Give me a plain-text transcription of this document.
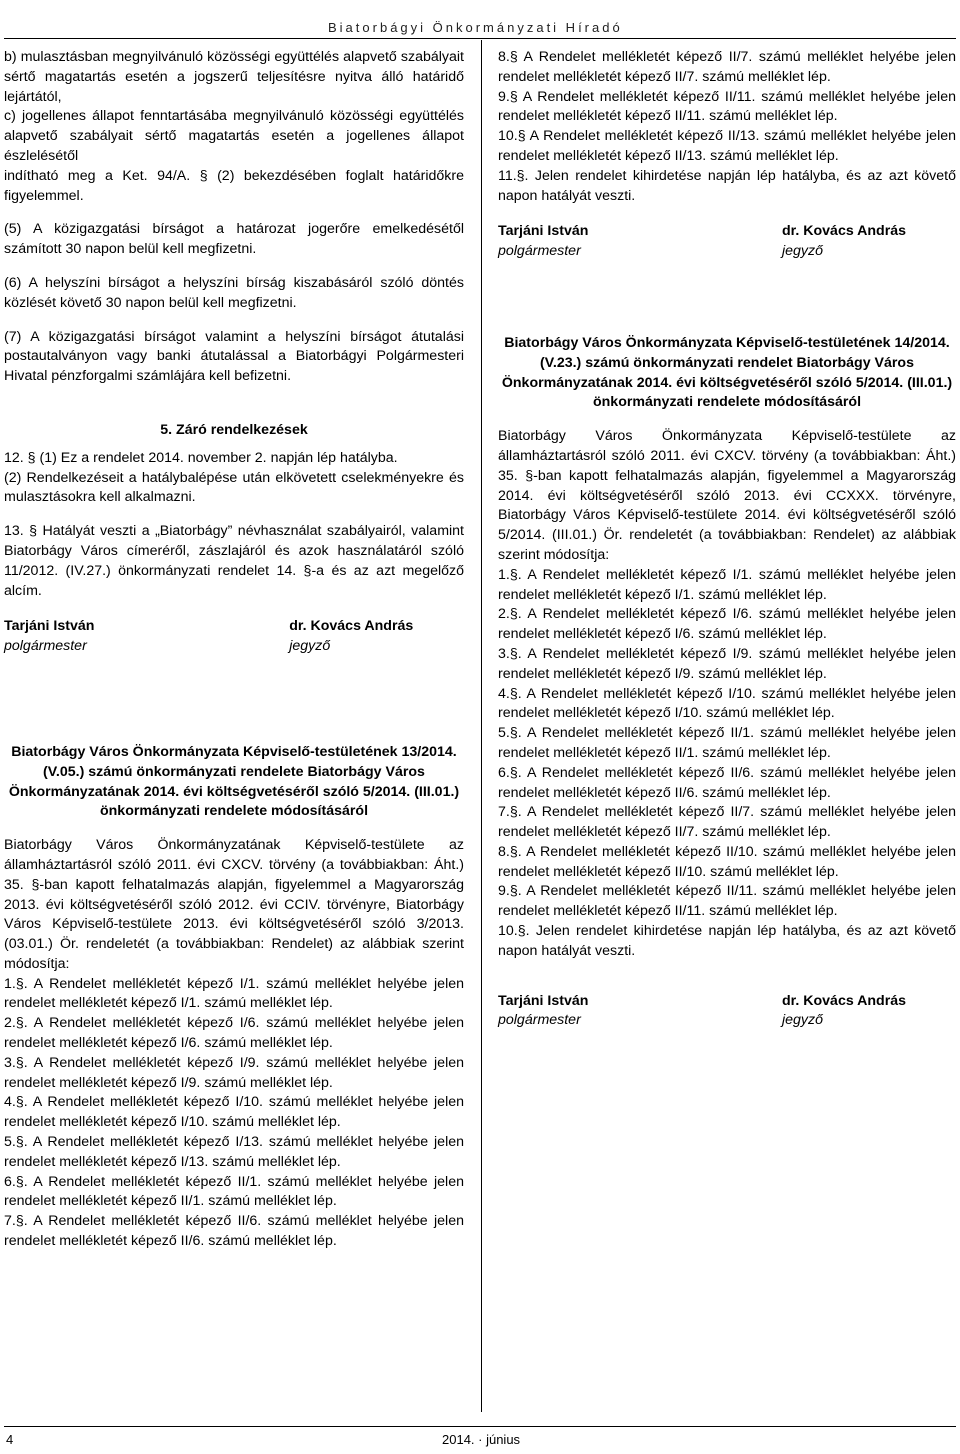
Biatorbágyi Önkormányzati Híradó

b) mulasztásban megnyilvánuló közösségi együttélés alapvető szabályait sértő magatartás esetén a jogszerű teljesítésre nyitva álló határidő lejártától,

c) jogellenes állapot fenntartásába megnyilvánuló közösségi együttélés alapvető szabályait sértő magatartás esetén a jogellenes állapot észlelésétől

indítható meg a Ket. 94/A. § (2) bekezdésében foglalt határidőkre figyelemmel.

(5) A közigazgatási bírságot a határozat jogerőre emelkedésétől számított 30 napon belül kell megfizetni.

(6) A helyszíni bírságot a helyszíni bírság kiszabásáról szóló döntés közlését követő 30 napon belül kell megfizetni.

(7) A közigazgatási bírságot valamint a helyszíni bírságot átutalási postautalványon vagy banki átutalással a Biatorbágyi Polgármesteri Hivatal pénzforgalmi számlájára kell befizetni.

5. Záró rendelkezések

12. § (1) Ez a rendelet 2014. november 2. napján lép hatályba.

(2) Rendelkezéseit a hatálybalépése után elkövetett cselekményekre és mulasztásokra kell alkalmazni.

13. § Hatályát veszti a „Biatorbágy” névhasználat szabályairól, valamint Biatorbágy Város címeréről, zászlajáról és azok használatáról szóló 11/2012. (IV.27.) önkormányzati rendelet 14. §-a és az azt megelőző alcím.

Tarjáni István
polgármester
dr. Kovács András
jegyző

Biatorbágy Város Önkormányzata Képviselő-testületének 13/2014.(V.05.) számú önkormányzati rendelete Biatorbágy Város Önkormányzatának 2014. évi költségvetéséről szóló 5/2014. (III.01.) önkormányzati rendelete módosításáról

Biatorbágy Város Önkormányzatának Képviselő-testülete az államháztartásról szóló 2011. évi CXCV. törvény (a továbbiakban: Áht.) 35. §-ban kapott felhatalmazás alapján, figyelemmel a Magyarország 2013. évi költségvetéséről szóló 2012. évi CCIV. törvényre, Biatorbágy Város Képviselő-testülete 2013. évi költségvetéséről szóló 3/2013. (03.01.) Ör. rendeletét (a továbbiakban: Rendelet) az alábbiak szerint módosítja:

1.§. A Rendelet mellékletét képező I/1. számú melléklet helyébe jelen rendelet mellékletét képező I/1. számú melléklet lép.

2.§. A Rendelet mellékletét képező I/6. számú melléklet helyébe jelen rendelet mellékletét képező I/6. számú melléklet lép.

3.§. A Rendelet mellékletét képező I/9. számú melléklet helyébe jelen rendelet mellékletét képező I/9. számú melléklet lép.

4.§. A Rendelet mellékletét képező I/10. számú melléklet helyébe jelen rendelet mellékletét képező I/10. számú melléklet lép.

5.§. A Rendelet mellékletét képező I/13. számú melléklet helyébe jelen rendelet mellékletét képező I/13. számú melléklet lép.

6.§. A Rendelet mellékletét képező II/1. számú melléklet helyébe jelen rendelet mellékletét képező II/1. számú melléklet lép.

7.§. A Rendelet mellékletét képező II/6. számú melléklet helyébe jelen rendelet mellékletét képező II/6. számú melléklet lép.

8.§ A Rendelet mellékletét képező II/7. számú melléklet helyébe jelen rendelet mellékletét képező II/7. számú melléklet lép.

9.§ A Rendelet mellékletét képező II/11. számú melléklet helyébe jelen rendelet mellékletét képező II/11. számú melléklet lép.

10.§ A Rendelet mellékletét képező II/13. számú melléklet helyébe jelen rendelet mellékletét képező II/13. számú melléklet lép.

11.§. Jelen rendelet kihirdetése napján lép hatályba, és az azt követő napon hatályát veszti.

Tarjáni István
polgármester
dr. Kovács András
jegyző

Biatorbágy Város Önkormányzata Képviselő-testületének 14/2014.(V.23.) számú önkormányzati rendelet Biatorbágy Város Önkormányzatának 2014. évi költségvetéséről szóló 5/2014. (III.01.) önkormányzati rendelete módosításáról

Biatorbágy Város Önkormányzata Képviselő-testülete az államháztartásról szóló 2011. évi CXCV. törvény (a továbbiakban: Áht.) 35. §-ban kapott felhatalmazás alapján, figyelemmel a Magyarország 2014. évi költségvetéséről szóló 2013. évi CCXXX. törvényre, Biatorbágy Város Képviselő-testülete 2014. évi költségvetéséről szóló 5/2014. (III.01.) Ör. rendeletét (a továbbiakban: Rendelet) az alábbiak szerint módosítja:

1.§. A Rendelet mellékletét képező I/1. számú melléklet helyébe jelen rendelet mellékletét képező I/1. számú melléklet lép.

2.§. A Rendelet mellékletét képező I/6. számú melléklet helyébe jelen rendelet mellékletét képező I/6. számú melléklet lép.

3.§. A Rendelet mellékletét képező I/9. számú melléklet helyébe jelen rendelet mellékletét képező I/9. számú melléklet lép.

4.§. A Rendelet mellékletét képező I/10. számú melléklet helyébe jelen rendelet mellékletét képező I/10. számú melléklet lép.

5.§. A Rendelet mellékletét képező II/1. számú melléklet helyébe jelen rendelet mellékletét képező II/1. számú melléklet lép.

6.§. A Rendelet mellékletét képező II/6. számú melléklet helyébe jelen rendelet mellékletét képező II/6. számú melléklet lép.

7.§. A Rendelet mellékletét képező II/7. számú melléklet helyébe jelen rendelet mellékletét képező II/7. számú melléklet lép.

8.§. A Rendelet mellékletét képező II/10. számú melléklet helyébe jelen rendelet mellékletét képező II/10. számú melléklet lép.

9.§. A Rendelet mellékletét képező II/11. számú melléklet helyébe jelen rendelet mellékletét képező II/11. számú melléklet lép.

10.§. Jelen rendelet kihirdetése napján lép hatályba, és az azt követő napon hatályát veszti.

Tarjáni István
polgármester
dr. Kovács András
jegyző
4	2014. · június
